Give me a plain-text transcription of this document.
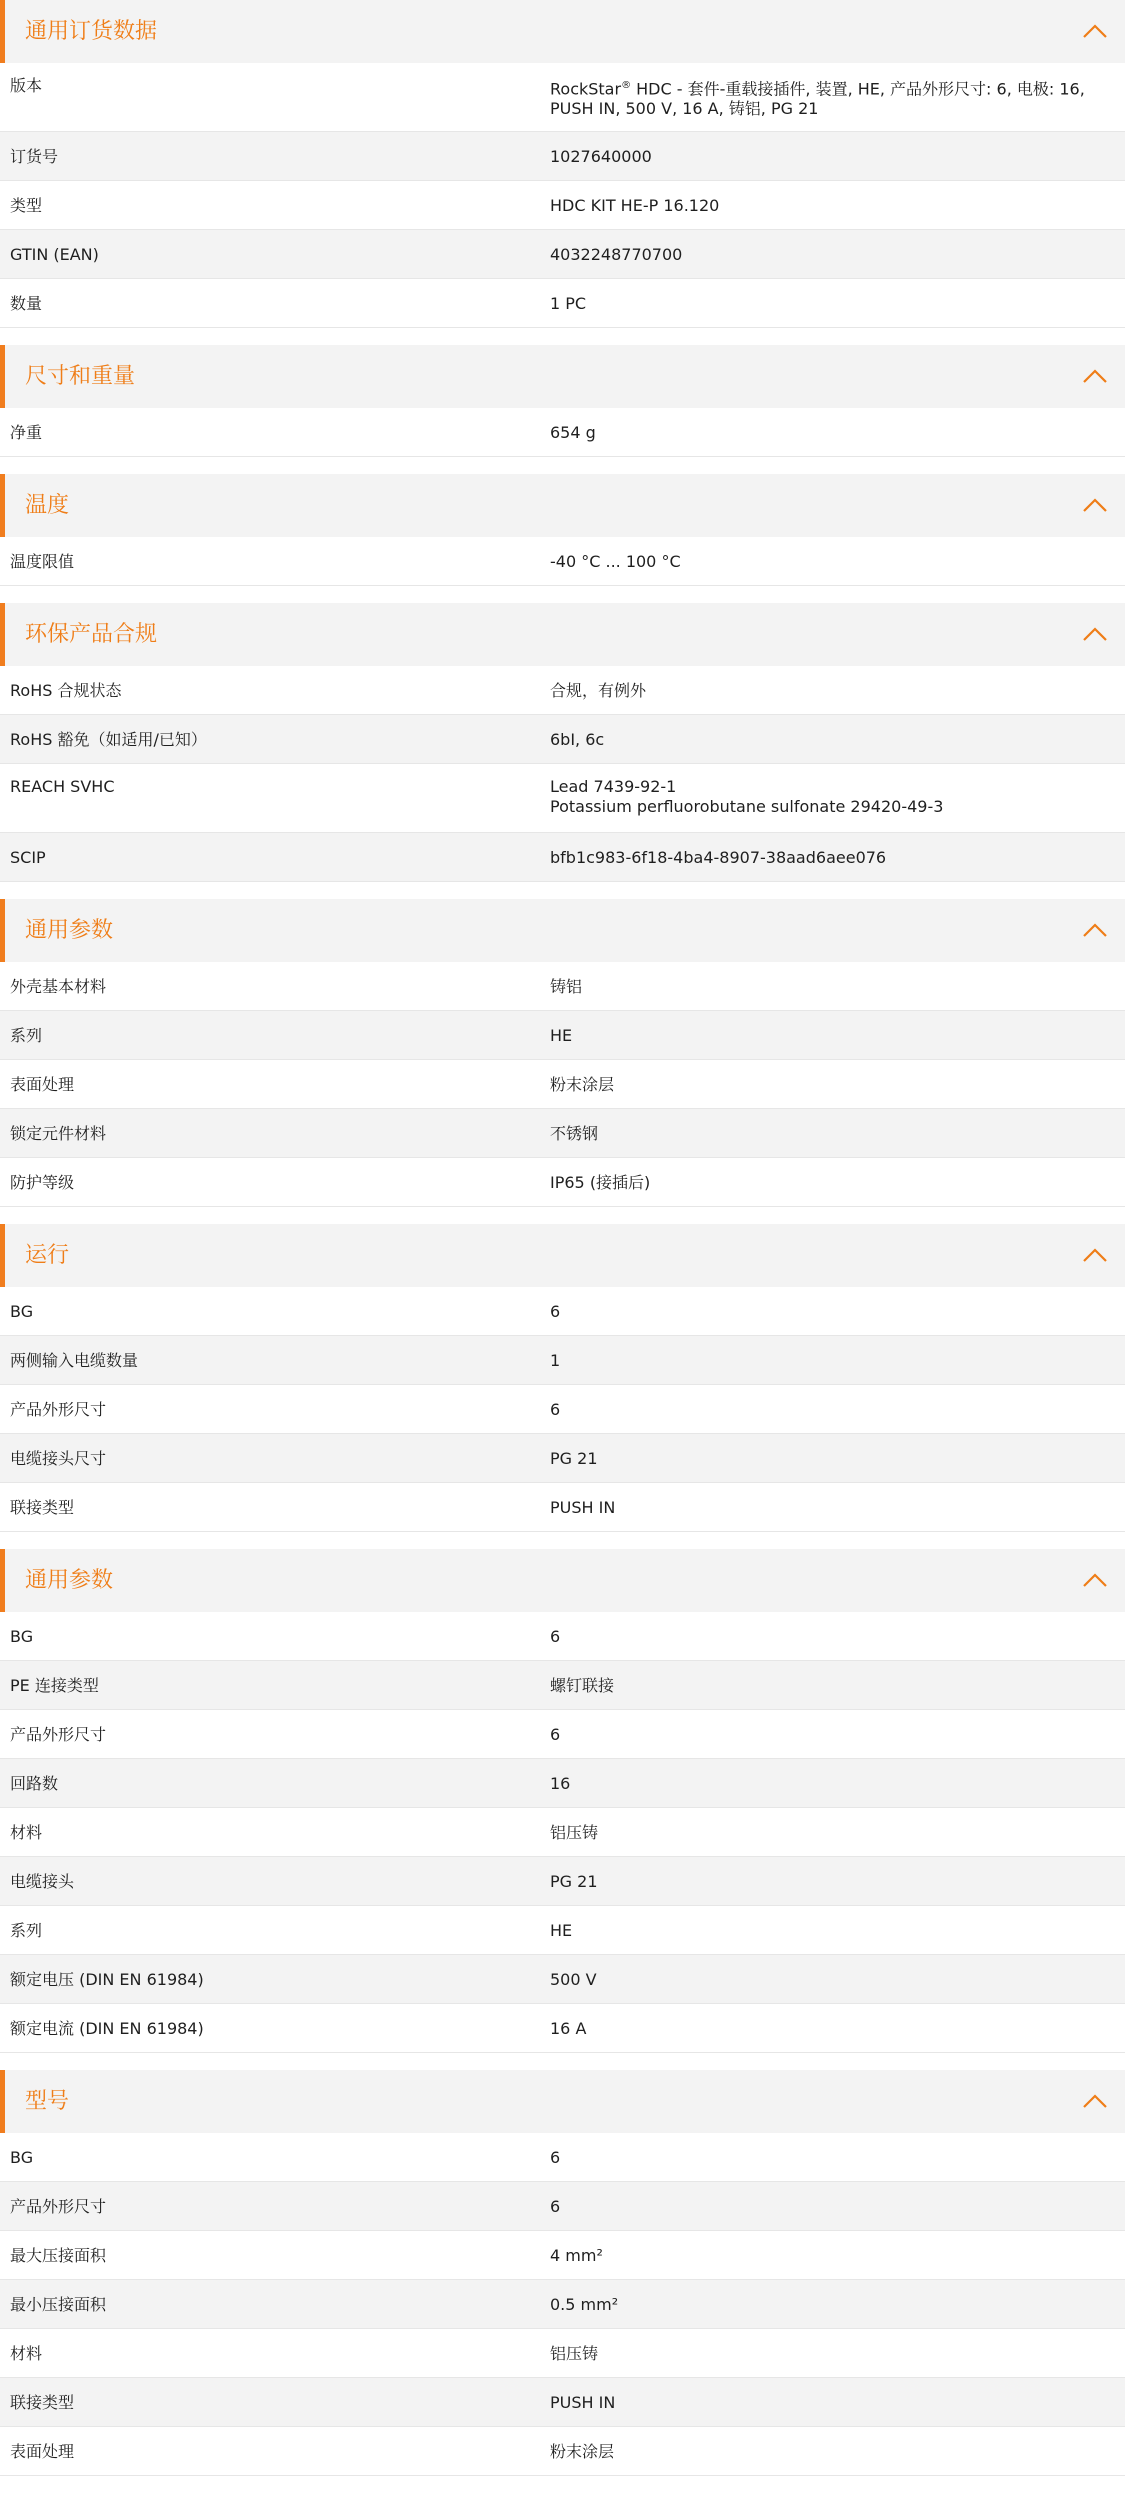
通用订货数据
版本	RockStar® HDC - 套件-重载接插件, 装置, HE, 产品外形尺寸: 6, 电极: 16,
PUSH IN, 500 V, 16 A, 铸铝, PG 21
订货号	1027640000
类型	HDC KIT HE-P 16.120
GTIN (EAN)	4032248770700
数量	1 PC
尺寸和重量
净重	654 g
温度
温度限值	-40 °C ... 100 °C
环保产品合规
RoHS 合规状态	合规，有例外
RoHS 豁免（如适用/已知）	6bI, 6c
REACH SVHC	Lead 7439-92-1
Potassium perfluorobutane sulfonate 29420-49-3
SCIP	bfb1c983-6f18-4ba4-8907-38aad6aee076
通用参数
外壳基本材料	铸铝
系列	HE
表面处理	粉末涂层
锁定元件材料	不锈钢
防护等级	IP65 (接插后)
运行
BG	6
两侧输入电缆数量	1
产品外形尺寸	6
电缆接头尺寸	PG 21
联接类型	PUSH IN
通用参数
BG	6
PE 连接类型	螺钉联接
产品外形尺寸	6
回路数	16
材料	铝压铸
电缆接头	PG 21
系列	HE
额定电压 (DIN EN 61984)	500 V
额定电流 (DIN EN 61984)	16 A
型号
BG	6
产品外形尺寸	6
最大压接面积	4 mm²
最小压接面积	0.5 mm²
材料	铝压铸
联接类型	PUSH IN
表面处理	粉末涂层
